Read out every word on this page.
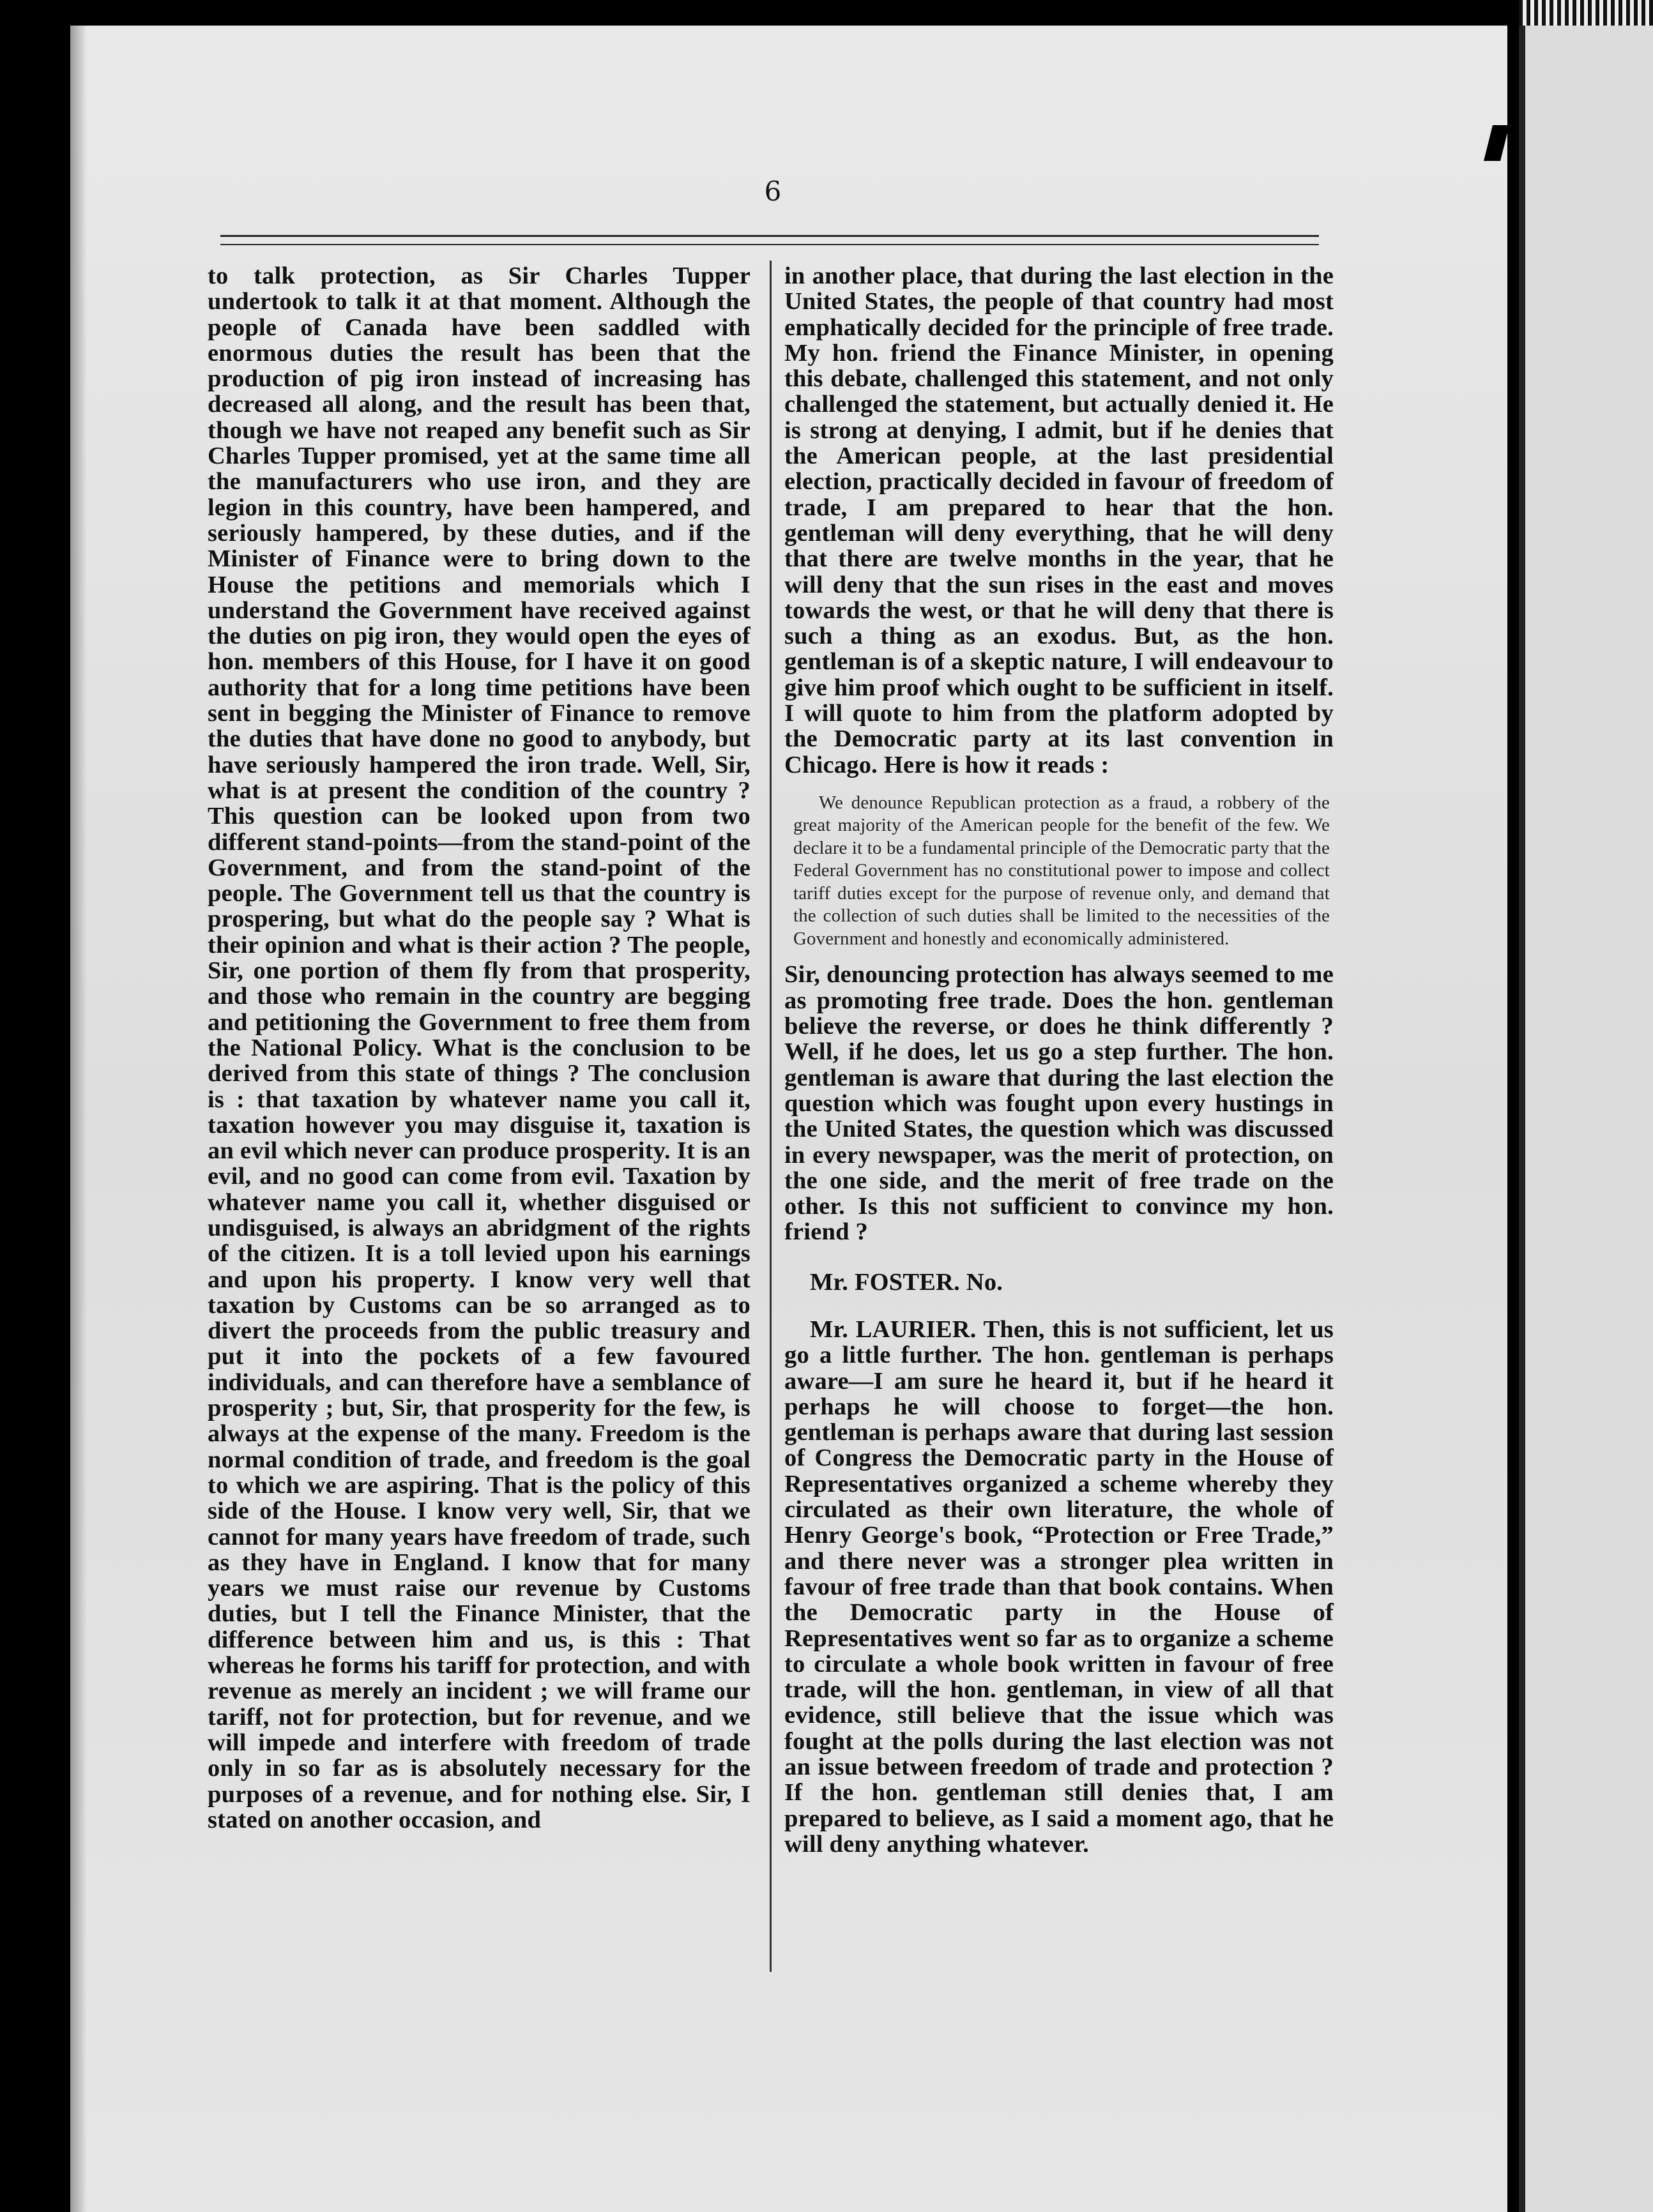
6

to talk protection, as Sir Charles Tupper undertook to talk it at that moment. Although the people of Canada have been saddled with enormous duties the result has been that the production of pig iron instead of increasing has decreased all along, and the result has been that, though we have not reaped any benefit such as Sir Charles Tupper promised, yet at the same time all the manufacturers who use iron, and they are legion in this country, have been hampered, and seriously hampered, by these duties, and if the Minister of Finance were to bring down to the House the petitions and memorials which I understand the Government have received against the duties on pig iron, they would open the eyes of hon. members of this House, for I have it on good authority that for a long time petitions have been sent in begging the Minister of Finance to remove the duties that have done no good to anybody, but have seriously hampered the iron trade. Well, Sir, what is at present the condition of the country ? This question can be looked upon from two different stand-points—from the stand-point of the Government, and from the stand-point of the people. The Government tell us that the country is prospering, but what do the people say ? What is their opinion and what is their action ? The people, Sir, one portion of them fly from that prosperity, and those who remain in the country are begging and petitioning the Government to free them from the National Policy. What is the conclusion to be derived from this state of things ? The conclusion is : that taxation by whatever name you call it, taxation however you may disguise it, taxation is an evil which never can produce prosperity. It is an evil, and no good can come from evil. Taxation by whatever name you call it, whether disguised or undisguised, is always an abridgment of the rights of the citizen. It is a toll levied upon his earnings and upon his property. I know very well that taxation by Customs can be so arranged as to divert the proceeds from the public treasury and put it into the pockets of a few favoured individuals, and can therefore have a semblance of prosperity ; but, Sir, that prosperity for the few, is always at the expense of the many. Freedom is the normal condition of trade, and freedom is the goal to which we are aspiring. That is the policy of this side of the House. I know very well, Sir, that we cannot for many years have freedom of trade, such as they have in England. I know that for many years we must raise our revenue by Customs duties, but I tell the Finance Minister, that the difference between him and us, is this : That whereas he forms his tariff for protection, and with revenue as merely an incident ; we will frame our tariff, not for protection, but for revenue, and we will impede and interfere with freedom of trade only in so far as is absolutely necessary for the purposes of a revenue, and for nothing else. Sir, I stated on another occasion, and

in another place, that during the last election in the United States, the people of that country had most emphatically decided for the principle of free trade. My hon. friend the Finance Minister, in opening this debate, challenged this statement, and not only challenged the statement, but actually denied it. He is strong at denying, I admit, but if he denies that the American people, at the last presidential election, practically decided in favour of freedom of trade, I am prepared to hear that the hon. gentleman will deny everything, that he will deny that there are twelve months in the year, that he will deny that the sun rises in the east and moves towards the west, or that he will deny that there is such a thing as an exodus. But, as the hon. gentleman is of a skeptic nature, I will endeavour to give him proof which ought to be sufficient in itself. I will quote to him from the platform adopted by the Democratic party at its last convention in Chicago. Here is how it reads :

We denounce Republican protection as a fraud, a robbery of the great majority of the American people for the benefit of the few. We declare it to be a fundamental principle of the Democratic party that the Federal Government has no constitutional power to impose and collect tariff duties except for the purpose of revenue only, and demand that the collection of such duties shall be limited to the necessities of the Government and honestly and economically administered.

Sir, denouncing protection has always seemed to me as promoting free trade. Does the hon. gentleman believe the reverse, or does he think differently ? Well, if he does, let us go a step further. The hon. gentleman is aware that during the last election the question which was fought upon every hustings in the United States, the question which was discussed in every newspaper, was the merit of protection, on the one side, and the merit of free trade on the other. Is this not sufficient to convince my hon. friend ?

Mr. FOSTER. No.

Mr. LAURIER. Then, this is not sufficient, let us go a little further. The hon. gentleman is perhaps aware—I am sure he heard it, but if he heard it perhaps he will choose to forget—the hon. gentleman is perhaps aware that during last session of Congress the Democratic party in the House of Representatives organized a scheme whereby they circulated as their own literature, the whole of Henry George's book, “Protection or Free Trade,” and there never was a stronger plea written in favour of free trade than that book contains. When the Democratic party in the House of Representatives went so far as to organize a scheme to circulate a whole book written in favour of free trade, will the hon. gentleman, in view of all that evidence, still believe that the issue which was fought at the polls during the last election was not an issue between freedom of trade and protection ? If the hon. gentleman still denies that, I am prepared to believe, as I said a moment ago, that he will deny anything whatever.
